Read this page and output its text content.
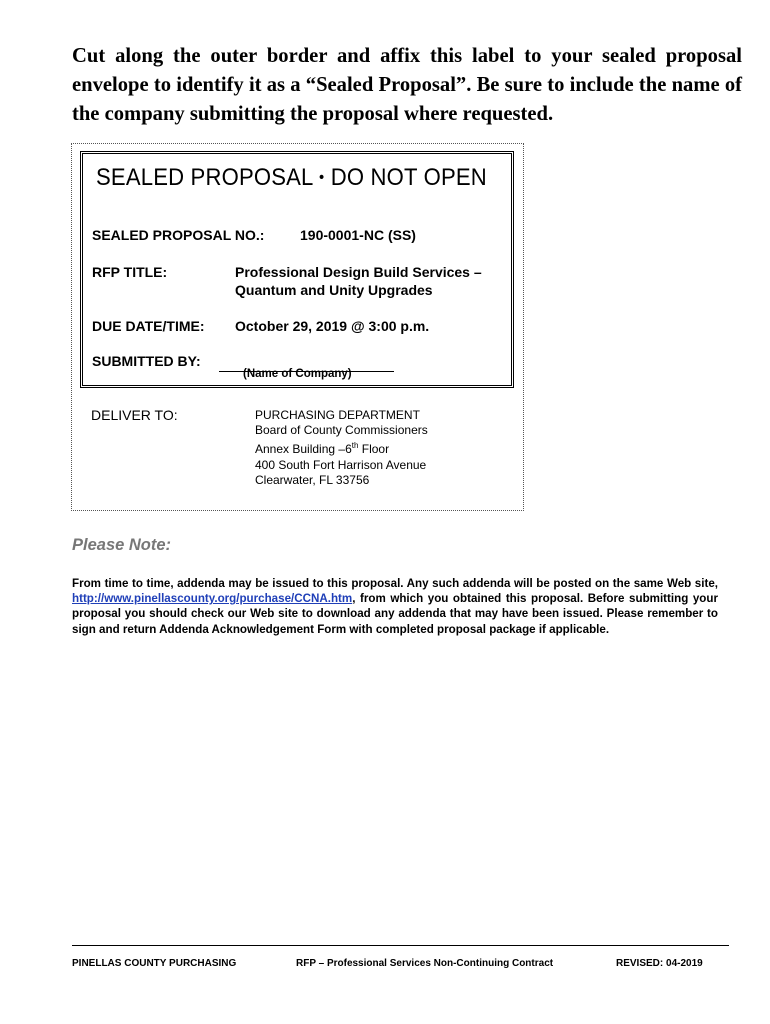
Cut along the outer border and affix this label to your sealed proposal envelope to identify it as a “Sealed Proposal”. Be sure to include the name of the company submitting the proposal where requested.
SEALED PROPOSAL • DO NOT OPEN
SEALED PROPOSAL NO.:	190-0001-NC (SS)
RFP TITLE:	Professional Design Build Services –
Quantum and Unity Upgrades
DUE DATE/TIME: October 29, 2019 @ 3:00 p.m.
SUBMITTED BY:
(Name of Company)
DELIVER TO:	PURCHASING DEPARTMENT
Board of County Commissioners
Annex Building –6th Floor
400 South Fort Harrison Avenue
Clearwater, FL 33756
Please Note:
From time to time, addenda may be issued to this proposal. Any such addenda will be posted on the same Web site, http://www.pinellascounty.org/purchase/CCNA.htm, from which you obtained this proposal. Before submitting your proposal you should check our Web site to download any addenda that may have been issued. Please remember to sign and return Addenda Acknowledgement Form with completed proposal package if applicable.
PINELLAS COUNTY PURCHASING	RFP – Professional Services Non-Continuing Contract	REVISED: 04-2019
